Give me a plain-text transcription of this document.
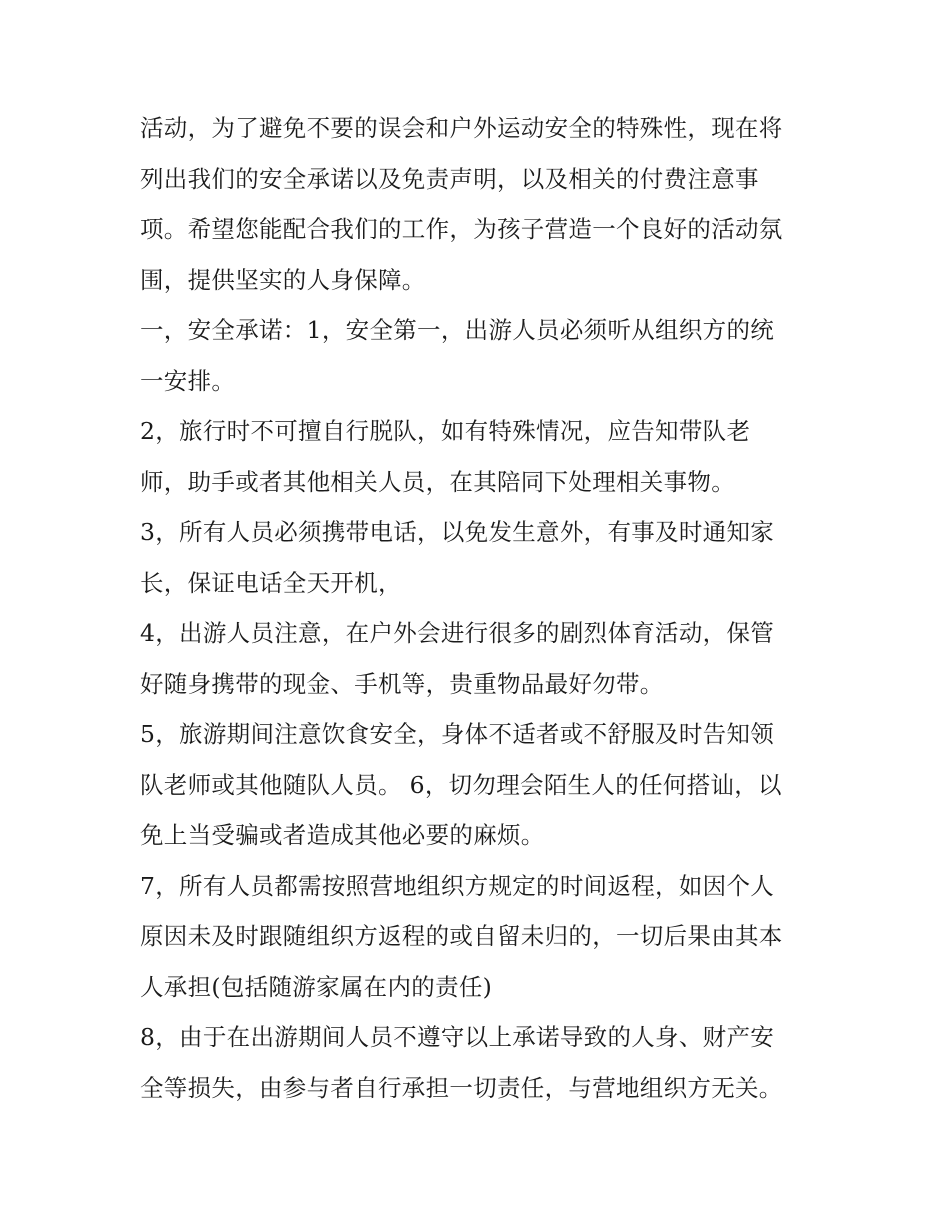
活动，为了避免不要的误会和户外运动安全的特殊性，现在将
列出我们的安全承诺以及免责声明，以及相关的付费注意事
项。希望您能配合我们的工作，为孩子营造一个良好的活动氛
围，提供坚实的人身保障。
一，安全承诺：1，安全第一，出游人员必须听从组织方的统
一安排。
2，旅行时不可擅自行脱队，如有特殊情况，应告知带队老
师，助手或者其他相关人员，在其陪同下处理相关事物。
3，所有人员必须携带电话，以免发生意外，有事及时通知家
长，保证电话全天开机，
4，出游人员注意，在户外会进行很多的剧烈体育活动，保管
好随身携带的现金、手机等，贵重物品最好勿带。
5，旅游期间注意饮食安全，身体不适者或不舒服及时告知领
队老师或其他随队人员。 6，切勿理会陌生人的任何搭讪，以
免上当受骗或者造成其他必要的麻烦。
7，所有人员都需按照营地组织方规定的时间返程，如因个人
原因未及时跟随组织方返程的或自留未归的，一切后果由其本
人承担(包括随游家属在内的责任)
8，由于在出游期间人员不遵守以上承诺导致的人身、财产安
全等损失，由参与者自行承担一切责任，与营地组织方无关。
